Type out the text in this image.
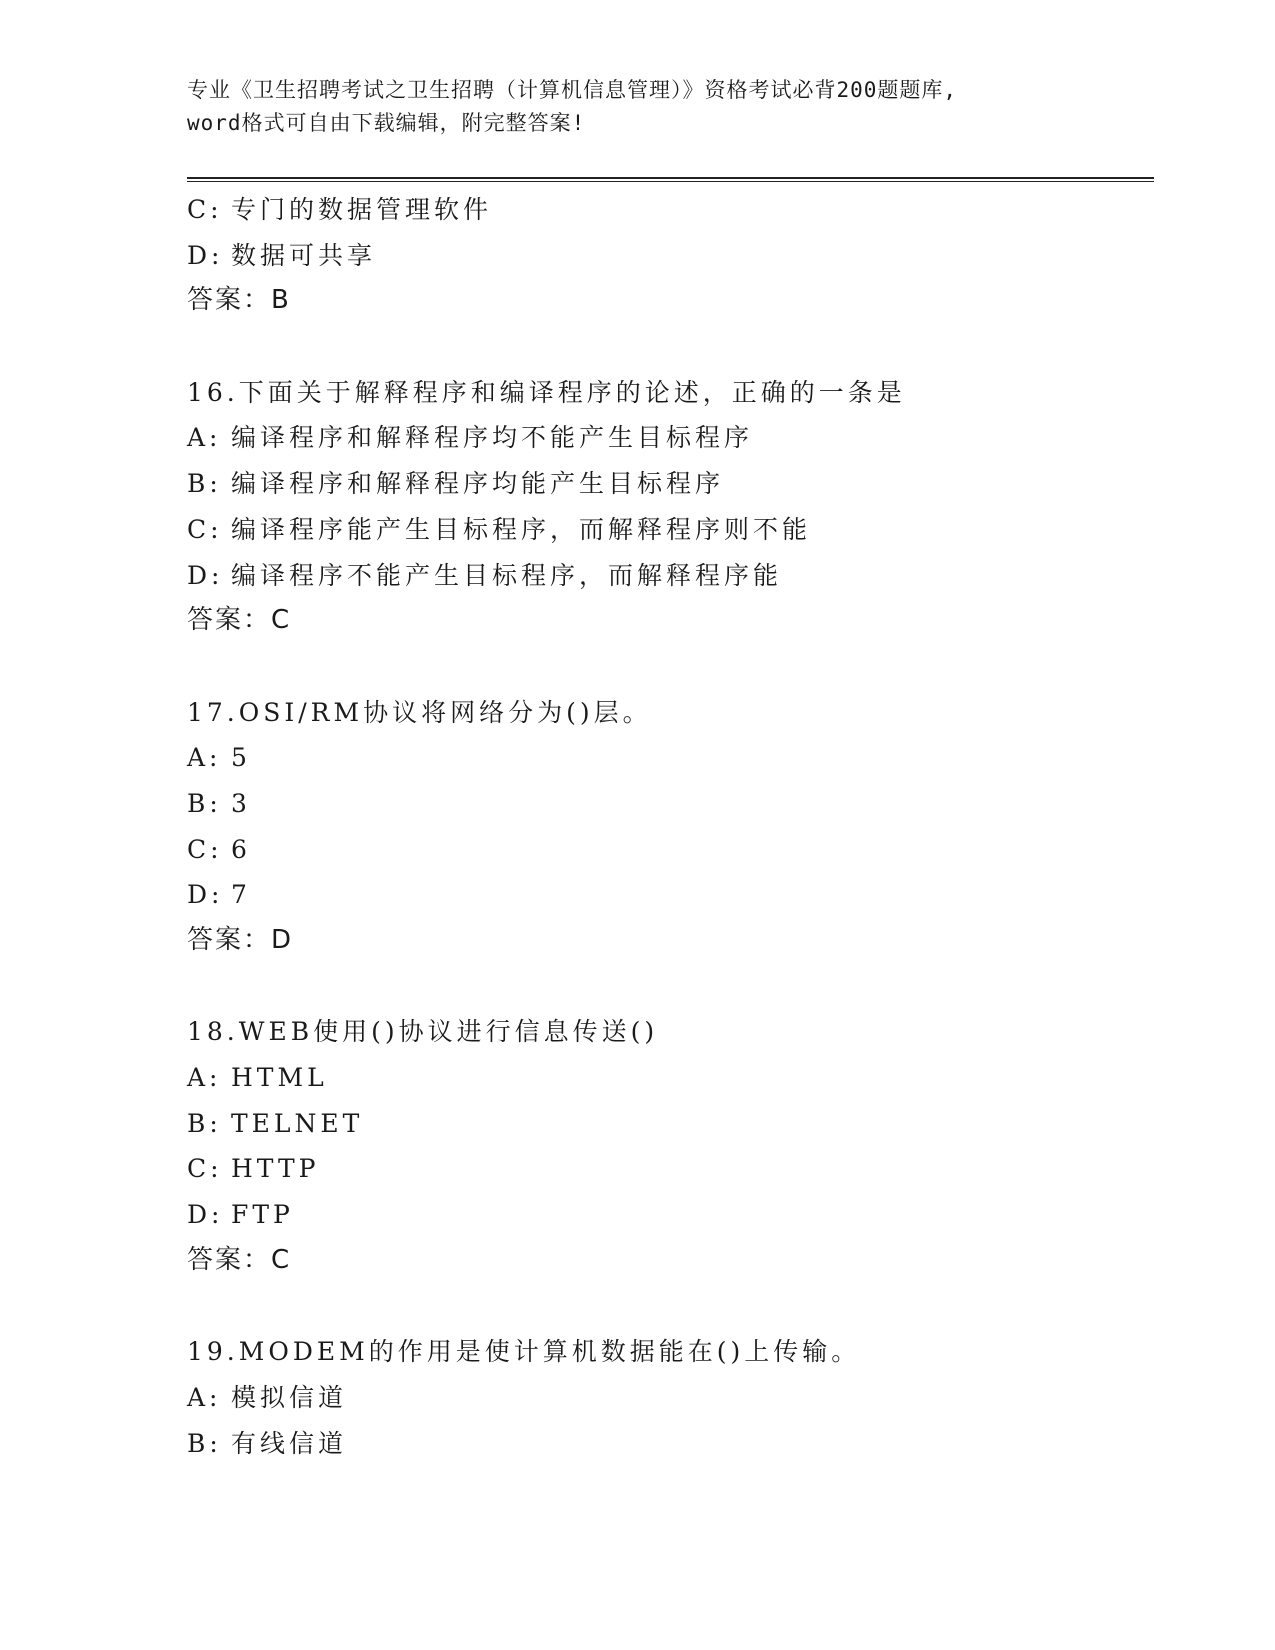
专业《卫生招聘考试之卫生招聘（计算机信息管理）》资格考试必背200题题库,
word格式可自由下载编辑，附完整答案!
C: 专门的数据管理软件
D: 数据可共享
答案：B
16.下面关于解释程序和编译程序的论述，正确的一条是
A: 编译程序和解释程序均不能产生目标程序
B: 编译程序和解释程序均能产生目标程序
C: 编译程序能产生目标程序，而解释程序则不能
D: 编译程序不能产生目标程序，而解释程序能
答案：C
17.OSI/RM协议将网络分为()层。
A: 5
B: 3
C: 6
D: 7
答案：D
18.WEB使用()协议进行信息传送()
A: HTML
B: TELNET
C: HTTP
D: FTP
答案：C
19.MODEM的作用是使计算机数据能在()上传输。
A: 模拟信道
B: 有线信道
